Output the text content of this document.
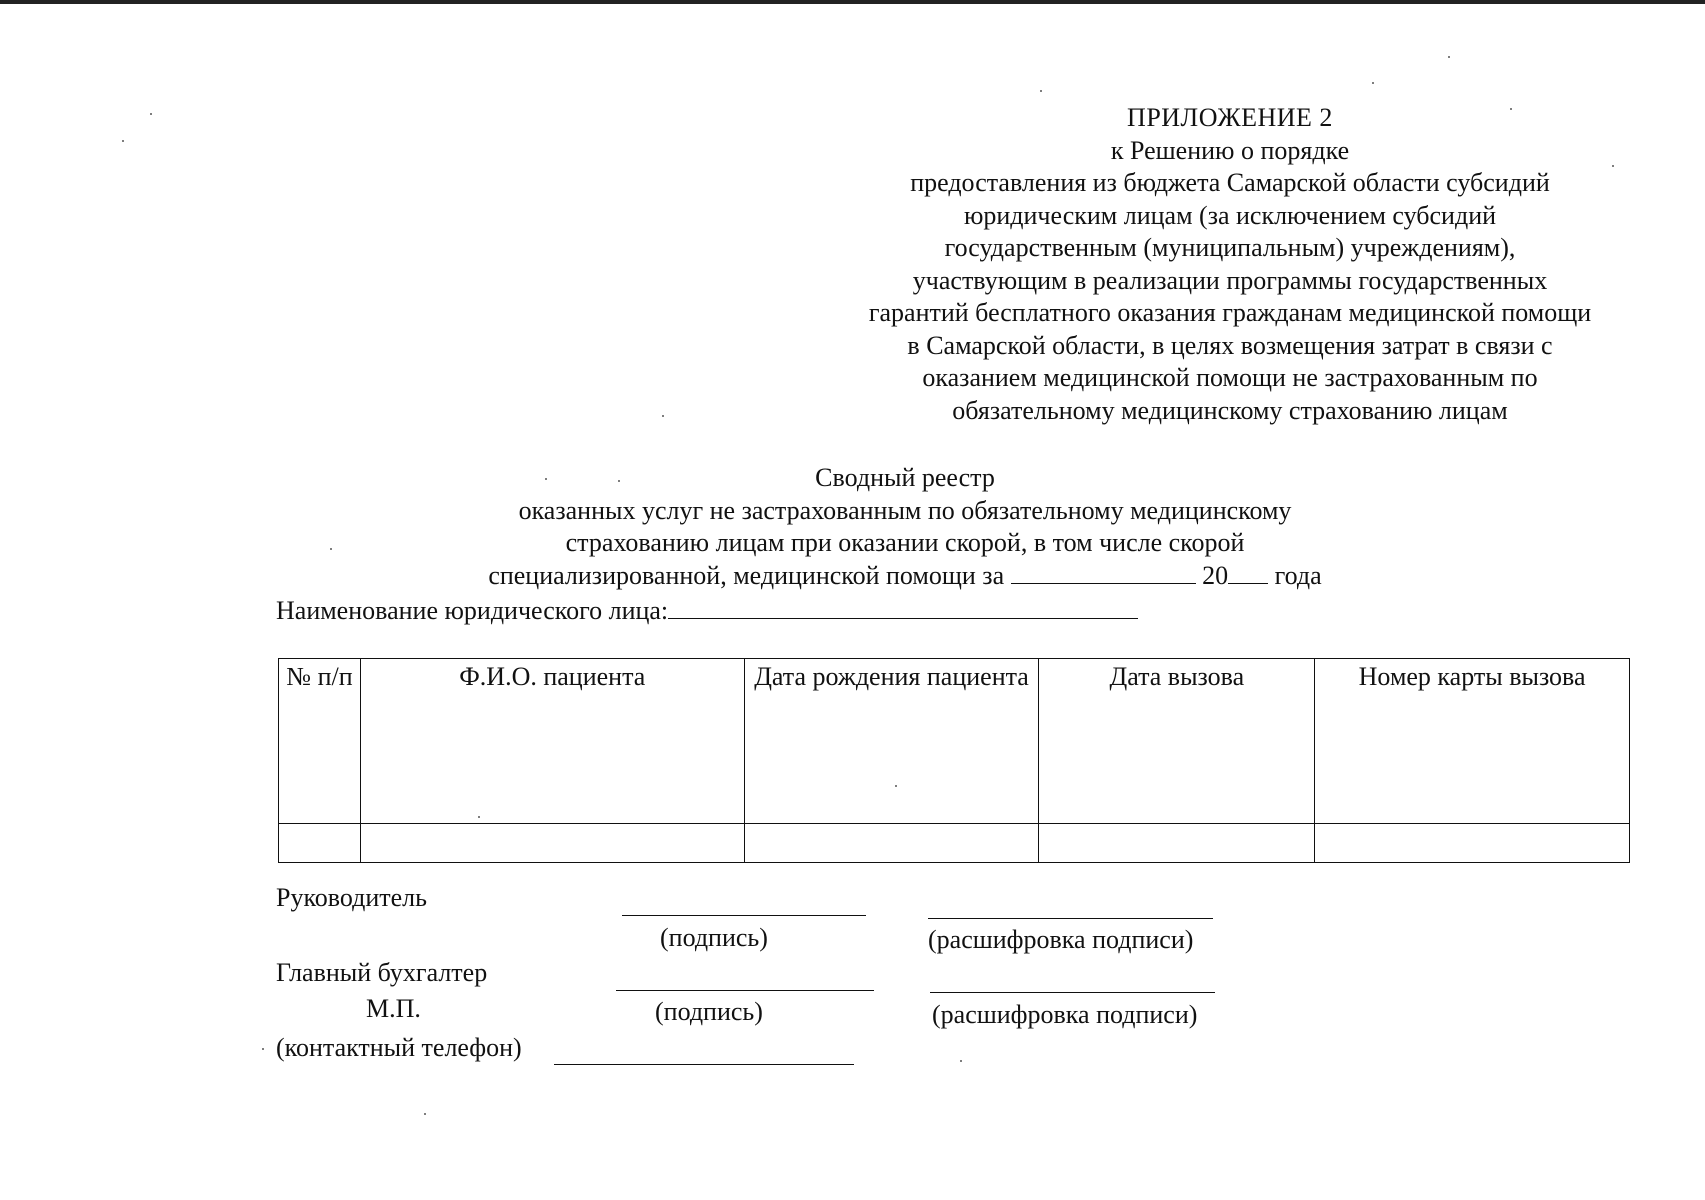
ПРИЛОЖЕНИЕ 2
к Решению о порядке
предоставления из бюджета Самарской области субсидий
юридическим лицам (за исключением субсидий
государственным (муниципальным) учреждениям),
участвующим в реализации программы государственных
гарантий бесплатного оказания гражданам медицинской помощи
в Самарской области, в целях возмещения затрат в связи с
оказанием медицинской помощи не застрахованным по
обязательному медицинскому страхованию лицам
Сводный реестр
оказанных услуг не застрахованным по обязательному медицинскому
страхованию лицам при оказании скорой, в том числе скорой
специализированной, медицинской помощи за	20 года
Наименование юридического лица:
№ п/п	Ф.И.О. пациента	Дата рождения пациента	Дата вызова	Номер карты вызова

Руководитель
(подпись)	(расшифровка подписи)
Главный бухгалтер
М.П.	(подпись)	(расшифровка подписи)
(контактный телефон)
